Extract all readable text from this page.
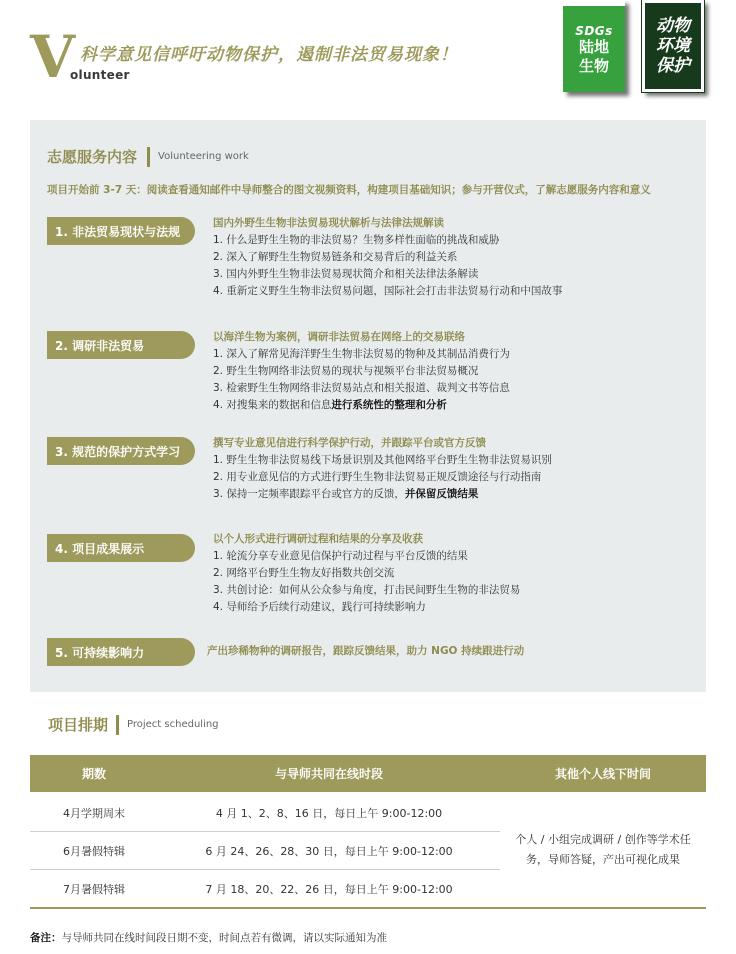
V
olunteer
科学意见信呼吁动物保护，遏制非法贸易现象！
SDGs
陆地
生物
动物
环境
保护
志愿服务内容 Volunteering work
项目开始前 3-7 天：阅读查看通知邮件中导师整合的图文视频资料，构建项目基础知识；参与开营仪式，了解志愿服务内容和意义
1. 非法贸易现状与法规
国内外野生生物非法贸易现状解析与法律法规解读
1. 什么是野生生物的非法贸易？生物多样性面临的挑战和威胁
2. 深入了解野生生物贸易链条和交易背后的利益关系
3. 国内外野生生物非法贸易现状简介和相关法律法条解读
4. 重新定义野生生物非法贸易问题，国际社会打击非法贸易行动和中国故事
2. 调研非法贸易
以海洋生物为案例，调研非法贸易在网络上的交易联络
1. 深入了解常见海洋野生生物非法贸易的物种及其制品消费行为
2. 野生生物网络非法贸易的现状与视频平台非法贸易概况
3. 检索野生生物网络非法贸易站点和相关报道、裁判文书等信息
4. 对搜集来的数据和信息进行系统性的整理和分析
3. 规范的保护方式学习
撰写专业意见信进行科学保护行动，并跟踪平台或官方反馈
1. 野生生物非法贸易线下场景识别及其他网络平台野生生物非法贸易识别
2. 用专业意见信的方式进行野生生物非法贸易正规反馈途径与行动指南
3. 保持一定频率跟踪平台或官方的反馈，并保留反馈结果
4. 项目成果展示
以个人形式进行调研过程和结果的分享及收获
1. 轮流分享专业意见信保护行动过程与平台反馈的结果
2. 网络平台野生生物友好指数共创交流
3. 共创讨论：如何从公众参与角度，打击民间野生生物的非法贸易
4. 导师给予后续行动建议，践行可持续影响力
5. 可持续影响力	产出珍稀物种的调研报告，跟踪反馈结果，助力 NGO 持续跟进行动
项目排期 Project scheduling
期数	与导师共同在线时段	其他个人线下时间
4月学期周末	4 月 1、2、8、16 日，每日上午 9:00-12:00
6月暑假特辑	6 月 24、26、28、30 日，每日上午 9:00-12:00
7月暑假特辑	7 月 18、20、22、26 日，每日上午 9:00-12:00
个人 / 小组完成调研 / 创作等学术任务，导师答疑，产出可视化成果
备注：与导师共同在线时间段日期不变，时间点若有微调，请以实际通知为准
